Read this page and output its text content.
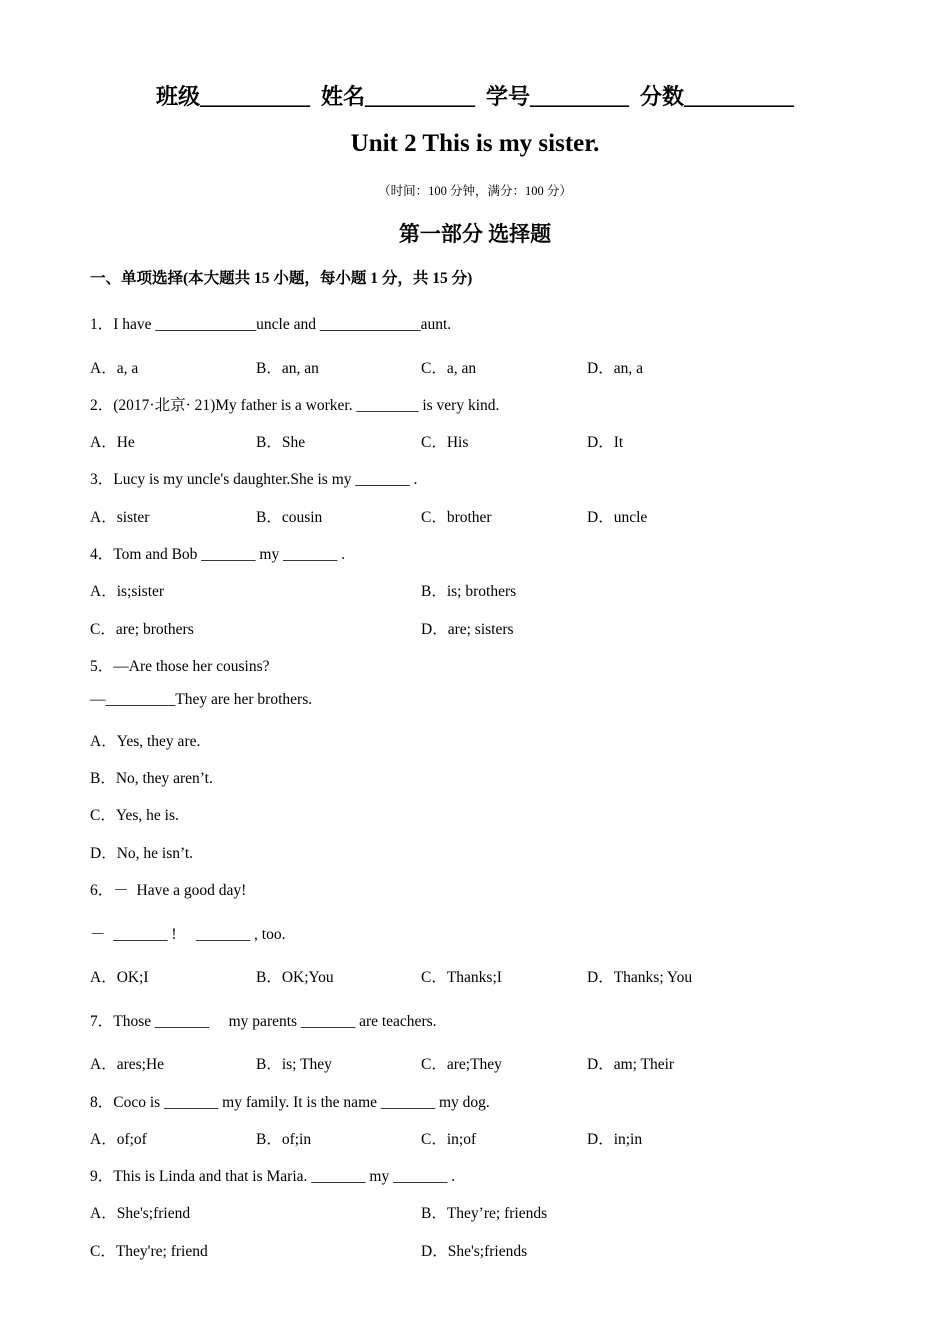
班级__________  姓名__________  学号_________  分数__________
Unit 2 This is my sister.
（时间：100 分钟，满分：100 分）
第一部分 选择题
一、单项选择(本大题共 15 小题，每小题 1 分，共 15 分)
1．I have _____________uncle and _____________aunt.
A．a, a	B．an, an	C．a, an	D．an, a
2．(2017·北京· 21)My father is a worker. ________ is very kind.
A．He	B．She	C．His	D．It
3．Lucy is my uncle's daughter.She is my _______ .
A．sister	B．cousin	C．brother	D．uncle
4．Tom and Bob _______ my _______ .
A．is;sister	B．is; brothers
C．are; brothers	D．are; sisters
5．—Are those her cousins?
—_________They are her brothers.
A．Yes, they are.
B．No, they aren’t.
C．Yes, he is.
D．No, he isn’t.
6．－  Have a good day!
－  _______ !     _______ , too.
A．OK;I	B．OK;You	C．Thanks;I	D．Thanks; You
7．Those _______     my parents _______ are teachers.
A．ares;He	B．is; They	C．are;They	D．am; Their
8．Coco is _______ my family. It is the name _______ my dog.
A．of;of	B．of;in	C．in;of	D．in;in
9．This is Linda and that is Maria. _______ my _______ .
A．She's;friend	B．They’re; friends
C．They're; friend	D．She's;friends
